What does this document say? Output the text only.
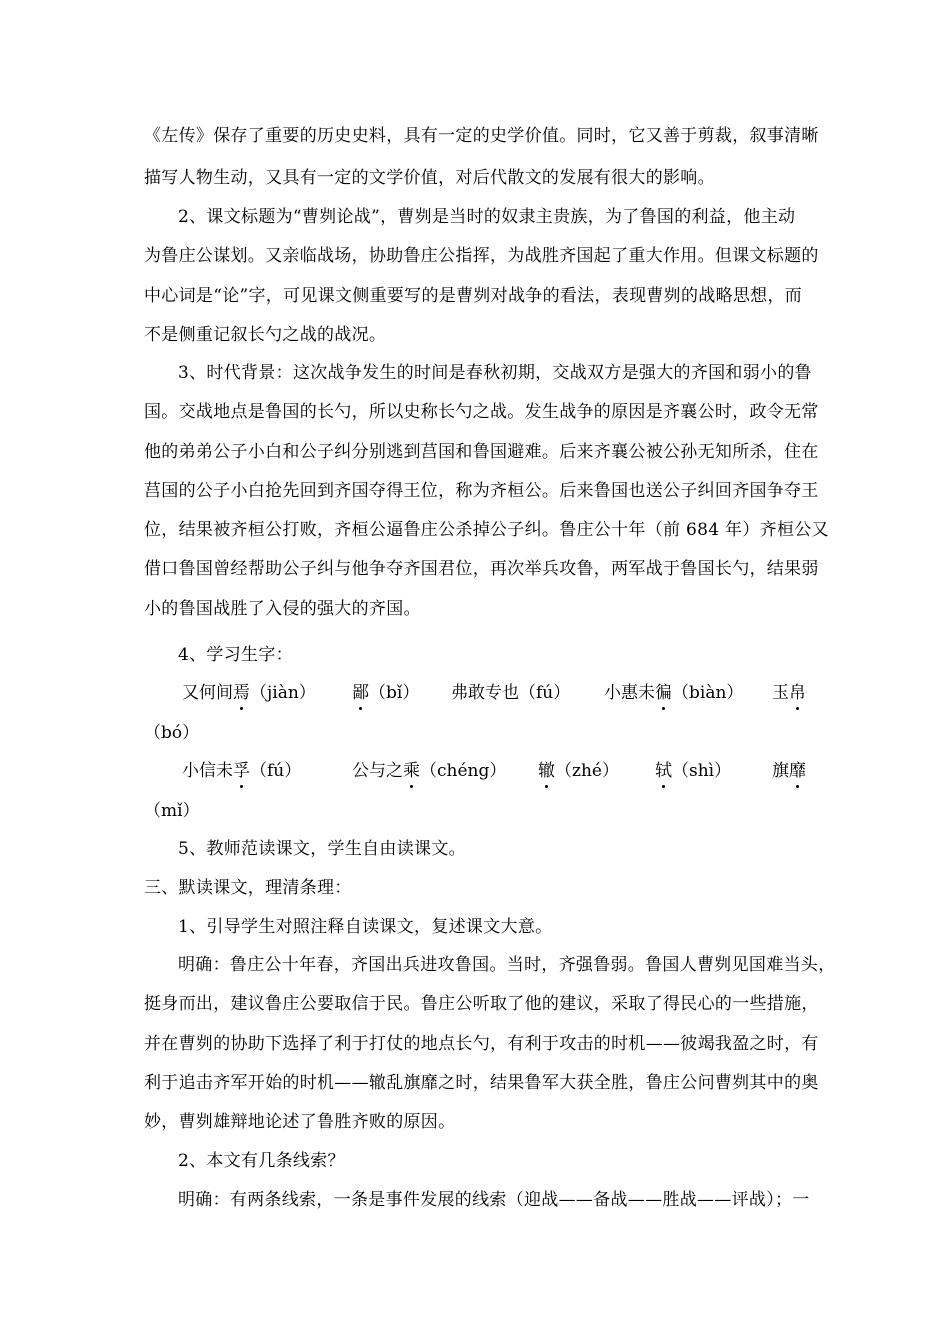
《左传》保存了重要的历史史料，具有一定的史学价值。同时，它又善于剪裁，叙事清晰
描写人物生动，又具有一定的文学价值，对后代散文的发展有很大的影响。
2、课文标题为“曹刿论战”，曹刿是当时的奴隶主贵族，为了鲁国的利益，他主动
为鲁庄公谋划。又亲临战场，协助鲁庄公指挥，为战胜齐国起了重大作用。但课文标题的
中心词是“论”字，可见课文侧重要写的是曹刿对战争的看法，表现曹刿的战略思想，而
不是侧重记叙长勺之战的战况。
3、时代背景：这次战争发生的时间是春秋初期，交战双方是强大的齐国和弱小的鲁
国。交战地点是鲁国的长勺，所以史称长勺之战。发生战争的原因是齐襄公时，政令无常
他的弟弟公子小白和公子纠分别逃到莒国和鲁国避难。后来齐襄公被公孙无知所杀，住在
莒国的公子小白抢先回到齐国夺得王位，称为齐桓公。后来鲁国也送公子纠回齐国争夺王
位，结果被齐桓公打败，齐桓公逼鲁庄公杀掉公子纠。鲁庄公十年（前 684 年）齐桓公又
借口鲁国曾经帮助公子纠与他争夺齐国君位，再次举兵攻鲁，两军战于鲁国长勺，结果弱
小的鲁国战胜了入侵的强大的齐国。
4、学习生字：
又何间焉（jiàn） 鄙（bǐ） 弗敢专也（fú） 小惠未徧（biàn） 玉帛
（bó）
小信未孚（fú）	公与之乘（chéng） 辙（zhé） 轼（shì） 旗靡
（mǐ）
5、教师范读课文，学生自由读课文。
三、默读课文，理清条理：
1、引导学生对照注释自读课文，复述课文大意。
明确：鲁庄公十年春，齐国出兵进攻鲁国。当时，齐强鲁弱。鲁国人曹刿见国难当头，
挺身而出，建议鲁庄公要取信于民。鲁庄公听取了他的建议，采取了得民心的一些措施，
并在曹刿的协助下选择了利于打仗的地点长勺，有利于攻击的时机——彼竭我盈之时，有
利于追击齐军开始的时机——辙乱旗靡之时，结果鲁军大获全胜，鲁庄公问曹刿其中的奥
妙，曹刿雄辩地论述了鲁胜齐败的原因。
2、本文有几条线索？
明确：有两条线索，一条是事件发展的线索（迎战——备战——胜战——评战）；一
